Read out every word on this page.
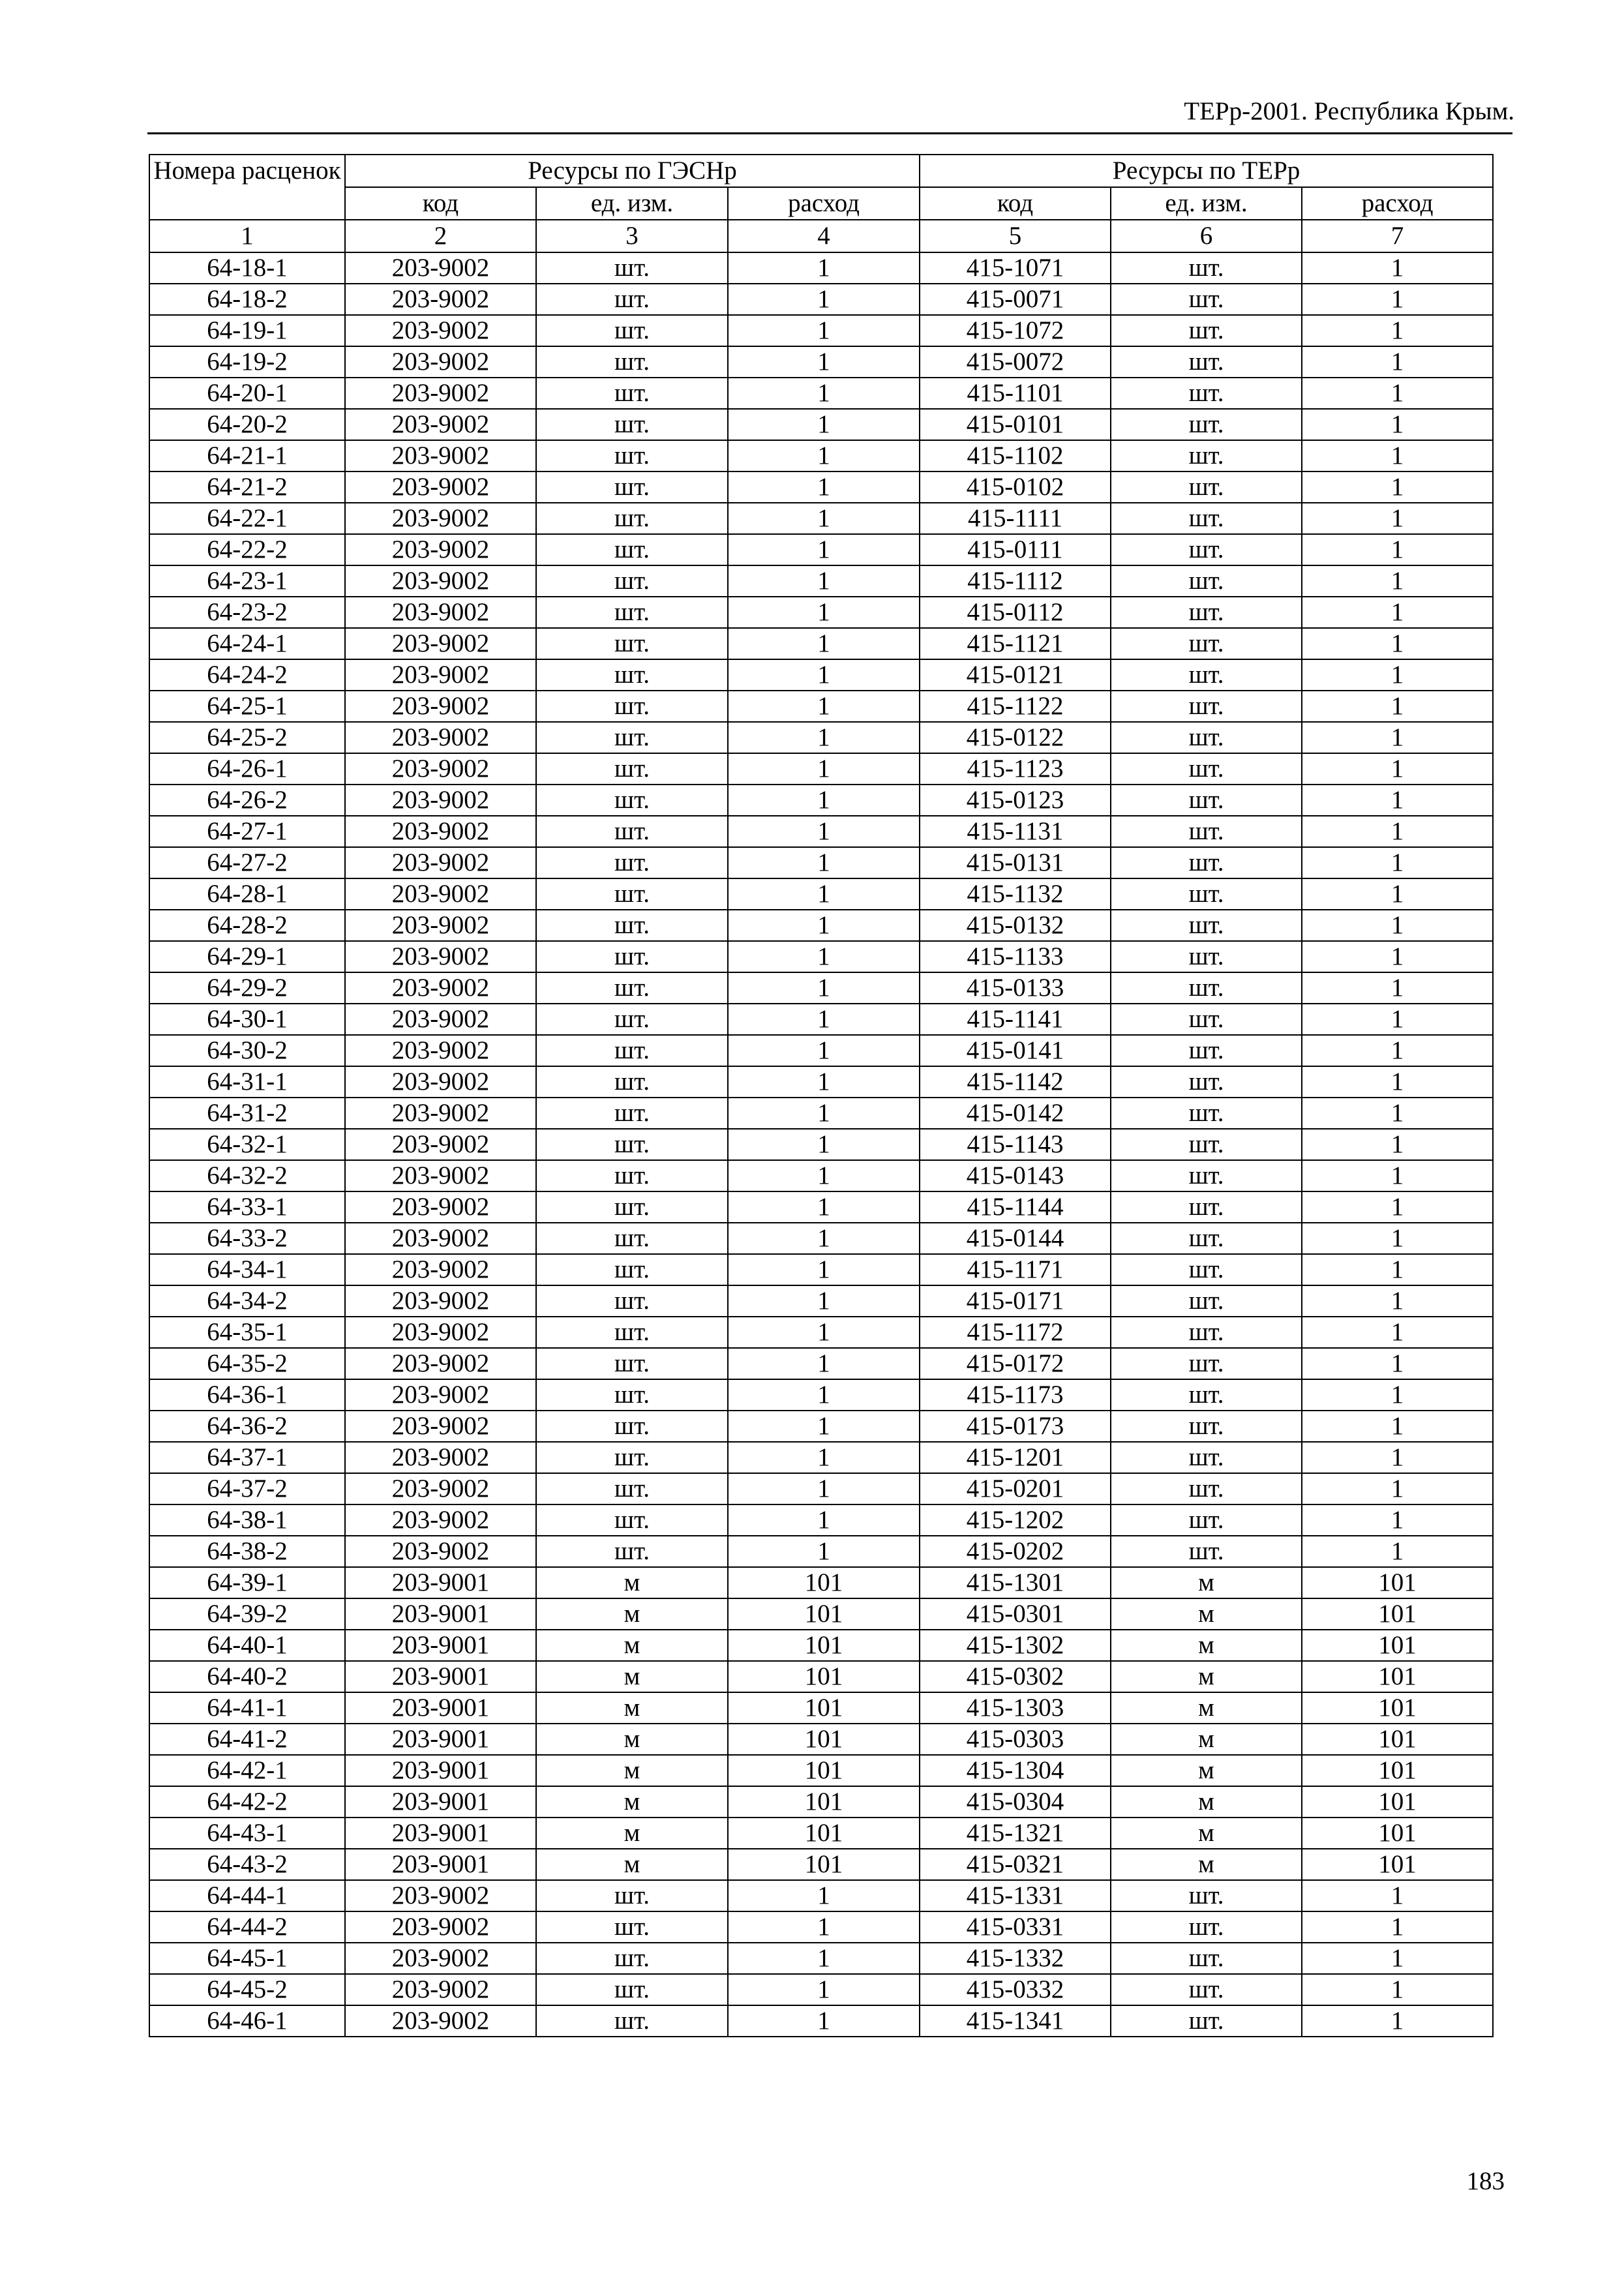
ТЕРр-2001. Республика Крым.
Номера расценок	Ресурсы по ГЭСНр			Ресурсы по ТЕРр		
	код	ед. изм.	расход	код	ед. изм.	расход
1	2	3	4	5	6	7
64-18-1	203-9002	шт.	1	415-1071	шт.	1
64-18-2	203-9002	шт.	1	415-0071	шт.	1
64-19-1	203-9002	шт.	1	415-1072	шт.	1
64-19-2	203-9002	шт.	1	415-0072	шт.	1
64-20-1	203-9002	шт.	1	415-1101	шт.	1
64-20-2	203-9002	шт.	1	415-0101	шт.	1
64-21-1	203-9002	шт.	1	415-1102	шт.	1
64-21-2	203-9002	шт.	1	415-0102	шт.	1
64-22-1	203-9002	шт.	1	415-1111	шт.	1
64-22-2	203-9002	шт.	1	415-0111	шт.	1
64-23-1	203-9002	шт.	1	415-1112	шт.	1
64-23-2	203-9002	шт.	1	415-0112	шт.	1
64-24-1	203-9002	шт.	1	415-1121	шт.	1
64-24-2	203-9002	шт.	1	415-0121	шт.	1
64-25-1	203-9002	шт.	1	415-1122	шт.	1
64-25-2	203-9002	шт.	1	415-0122	шт.	1
64-26-1	203-9002	шт.	1	415-1123	шт.	1
64-26-2	203-9002	шт.	1	415-0123	шт.	1
64-27-1	203-9002	шт.	1	415-1131	шт.	1
64-27-2	203-9002	шт.	1	415-0131	шт.	1
64-28-1	203-9002	шт.	1	415-1132	шт.	1
64-28-2	203-9002	шт.	1	415-0132	шт.	1
64-29-1	203-9002	шт.	1	415-1133	шт.	1
64-29-2	203-9002	шт.	1	415-0133	шт.	1
64-30-1	203-9002	шт.	1	415-1141	шт.	1
64-30-2	203-9002	шт.	1	415-0141	шт.	1
64-31-1	203-9002	шт.	1	415-1142	шт.	1
64-31-2	203-9002	шт.	1	415-0142	шт.	1
64-32-1	203-9002	шт.	1	415-1143	шт.	1
64-32-2	203-9002	шт.	1	415-0143	шт.	1
64-33-1	203-9002	шт.	1	415-1144	шт.	1
64-33-2	203-9002	шт.	1	415-0144	шт.	1
64-34-1	203-9002	шт.	1	415-1171	шт.	1
64-34-2	203-9002	шт.	1	415-0171	шт.	1
64-35-1	203-9002	шт.	1	415-1172	шт.	1
64-35-2	203-9002	шт.	1	415-0172	шт.	1
64-36-1	203-9002	шт.	1	415-1173	шт.	1
64-36-2	203-9002	шт.	1	415-0173	шт.	1
64-37-1	203-9002	шт.	1	415-1201	шт.	1
64-37-2	203-9002	шт.	1	415-0201	шт.	1
64-38-1	203-9002	шт.	1	415-1202	шт.	1
64-38-2	203-9002	шт.	1	415-0202	шт.	1
64-39-1	203-9001	м	101	415-1301	м	101
64-39-2	203-9001	м	101	415-0301	м	101
64-40-1	203-9001	м	101	415-1302	м	101
64-40-2	203-9001	м	101	415-0302	м	101
64-41-1	203-9001	м	101	415-1303	м	101
64-41-2	203-9001	м	101	415-0303	м	101
64-42-1	203-9001	м	101	415-1304	м	101
64-42-2	203-9001	м	101	415-0304	м	101
64-43-1	203-9001	м	101	415-1321	м	101
64-43-2	203-9001	м	101	415-0321	м	101
64-44-1	203-9002	шт.	1	415-1331	шт.	1
64-44-2	203-9002	шт.	1	415-0331	шт.	1
64-45-1	203-9002	шт.	1	415-1332	шт.	1
64-45-2	203-9002	шт.	1	415-0332	шт.	1
64-46-1	203-9002	шт.	1	415-1341	шт.	1
183
